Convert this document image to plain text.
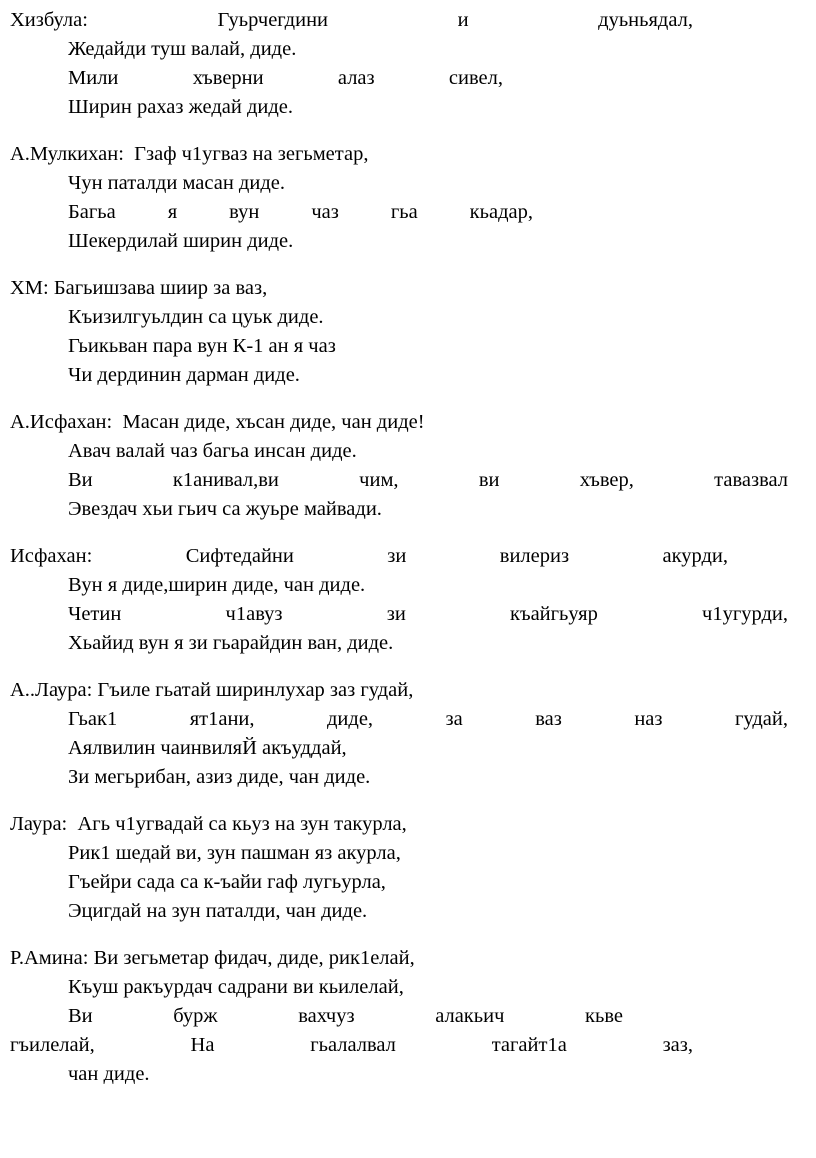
Хизбула:   Гуьрчегдини   и   дуьньядал,
Жедайди туш валай, диде.
Мили   хъверни   алаз   сивел,
Ширин рахаз жедай диде.
А.Мулкихан:  Гзаф ч1угваз на зегьметар,
Чун паталди масан диде.
Багьа    я    вун    чаз    гьа    кьадар,
Шекердилай ширин диде.
ХМ: Багьишзава шиир за ваз,
Къизилгуьлдин са цуьк диде.
Гьикьван пара вун К-1 ан я чаз
Чи дердинин дарман диде.
А.Исфахан:  Масан диде, хъсан диде, чан диде!
Авач валай чаз багьа инсан диде.
Ви   к1анивал,ви   чим,   ви   хъвер,   тавазвал
Эвездач хьи гьич са жуьре майвади.
Исфахан:   Сифтедайни   зи   вилериз   акурди,
Вун я диде,ширин диде, чан диде.
Четин    ч1авуз    зи    къайгьуяр    ч1угурди,
Хьайид вун я зи гьарайдин ван, диде.
А..Лаура: Гъиле гьатай ширинлухар заз гудай,
Гьак1   ят1ани,   диде,   за   ваз   наз   гудай,
Аялвилин чаинвиляЙ акъуддай,
Зи мегьрибан, азиз диде, чан диде.
Лаура:  Агь ч1угвадай са кьуз на зун такурла,
Рик1 шедай ви, зун пашман яз акурла,
Гъейри сада са к-ъайи гаф лугьурла,
Эцигдай на зун паталди, чан диде.
Р.Амина: Ви зегьметар фидач, диде, рик1елай,
Къуш ракъурдач садрани ви кьилелай,
Ви    бурж    вахчуз    алакьич    кьве
гъилелай,  На  гьалалвал  тагайт1а  заз,
чан диде.
